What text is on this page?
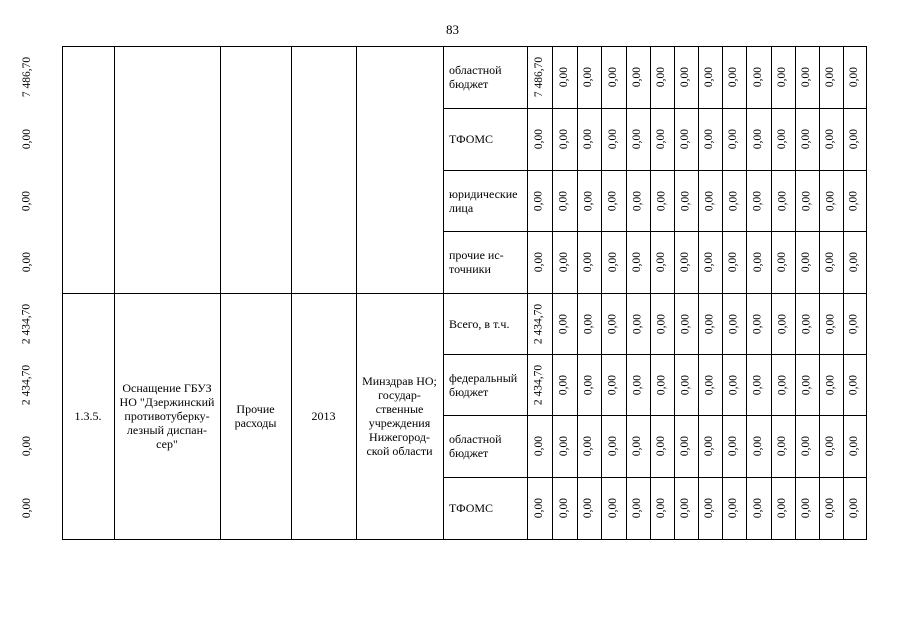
83
областной бюджет	7 486,70 0,00 0,00 0,00 0,00 0,00 0,00 0,00 0,00 0,00 0,00 0,00 0,00 0,00
7 486,70
ТФОМС	0,00 0,00 0,00 0,00 0,00 0,00 0,00 0,00 0,00 0,00 0,00 0,00 0,00 0,00
0,00
юридические лица	0,00 0,00 0,00 0,00 0,00 0,00 0,00 0,00 0,00 0,00 0,00 0,00 0,00 0,00
0,00
прочие ис-точники	0,00 0,00 0,00 0,00 0,00 0,00 0,00 0,00 0,00 0,00 0,00 0,00 0,00 0,00
0,00
1.3.5.
Оснащение ГБУЗ НО "Дзержинский противотуберку-лезный диспан-сер"
Прочие расходы	2013
Минздрав НО; государ-ственные учреждения Нижегород-ской области
Всего, в т.ч.	2 434,70 0,00 0,00 0,00 0,00 0,00 0,00 0,00 0,00 0,00 0,00 0,00 0,00 0,00
2 434,70
федеральный бюджет	2 434,70 0,00 0,00 0,00 0,00 0,00 0,00 0,00 0,00 0,00 0,00 0,00 0,00 0,00
2 434,70
областной бюджет	0,00 0,00 0,00 0,00 0,00 0,00 0,00 0,00 0,00 0,00 0,00 0,00 0,00 0,00
0,00
ТФОМС	0,00 0,00 0,00 0,00 0,00 0,00 0,00 0,00 0,00 0,00 0,00 0,00 0,00 0,00
0,00
